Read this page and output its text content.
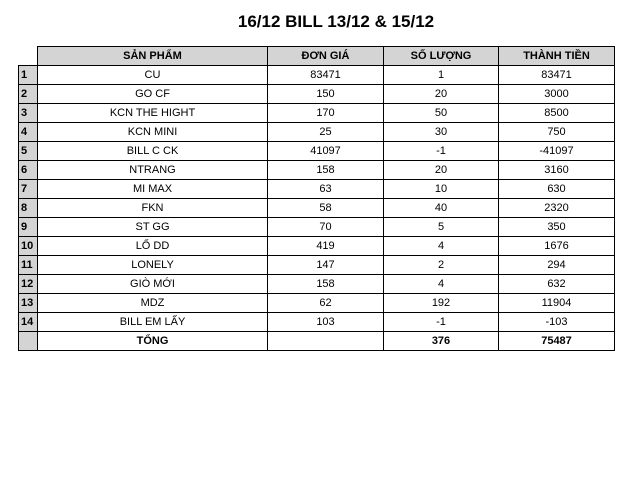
16/12 BILL 13/12 & 15/12
	SẢN PHẨM	ĐƠN GIÁ	SỐ LƯỢNG	THÀNH TIỀN
1	CU	83471	1	83471
2	GO CF	150	20	3000
3	KCN THE HIGHT	170	50	8500
4	KCN MINI	25	30	750
5	BILL C CK	41097	-1	-41097
6	NTRANG	158	20	3160
7	MI MAX	63	10	630
8	FKN	58	40	2320
9	ST GG	70	5	350
10	LỔ DD	419	4	1676
11	LONELY	147	2	294
12	GIÒ MỚI	158	4	632
13	MDZ	62	192	11904
14	BILL EM LẤY	103	-1	-103
	TỔNG		376	75487
